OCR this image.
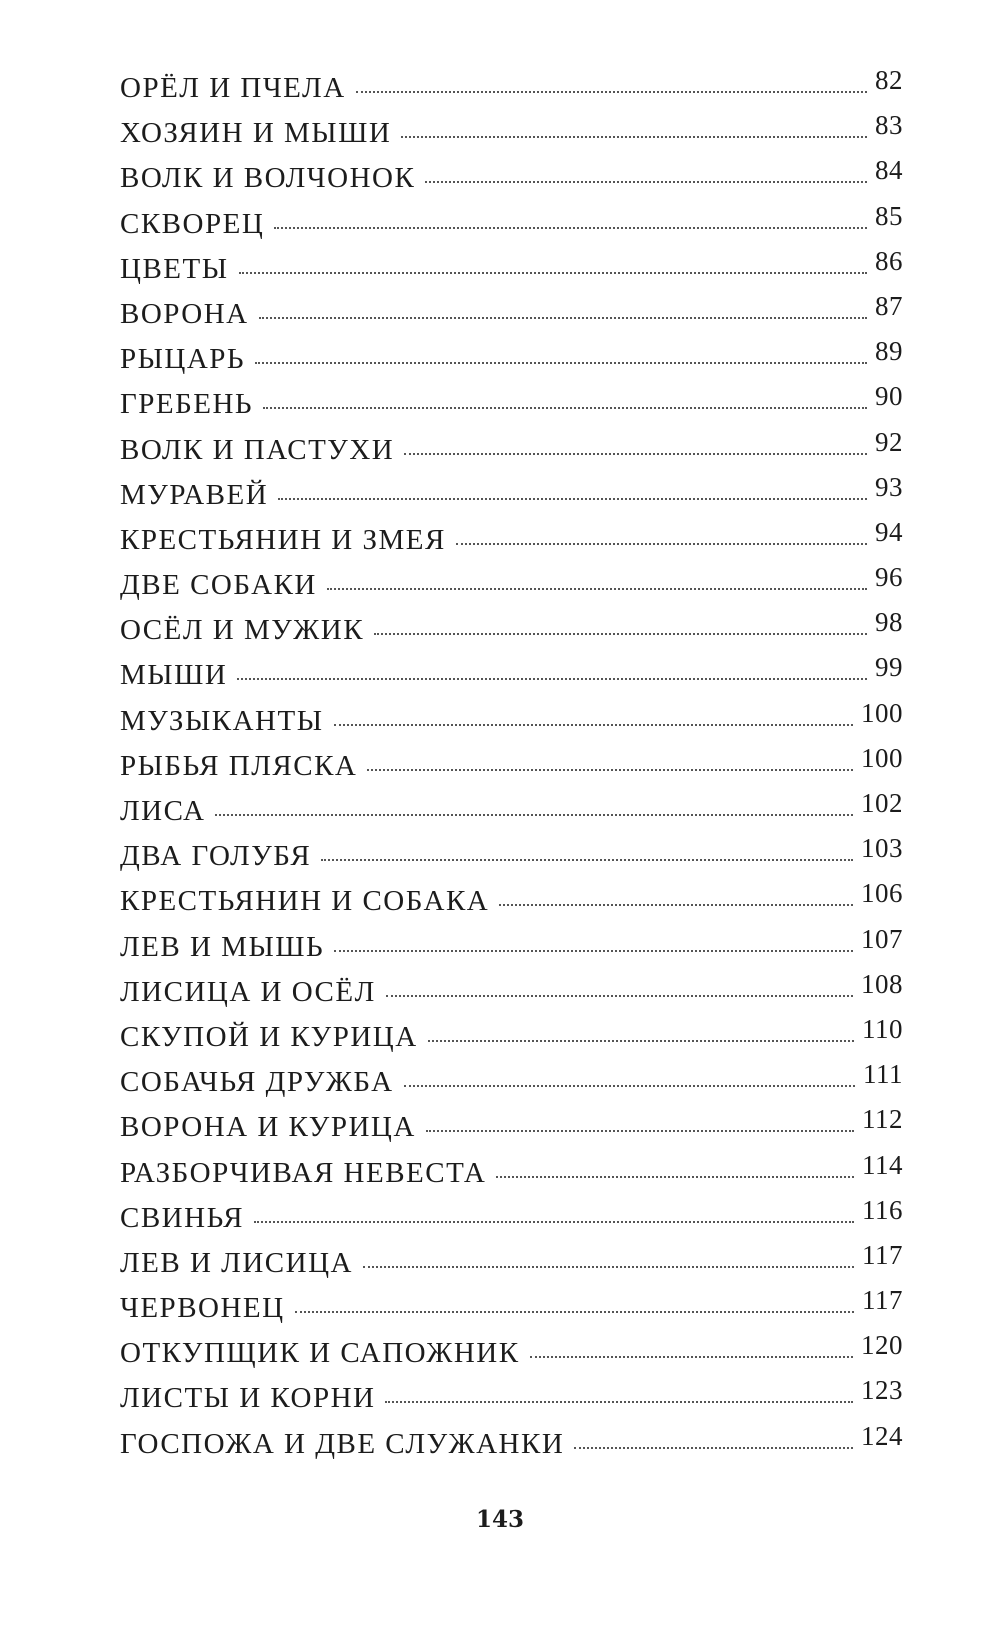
ОРЁЛ И ПЧЕЛА	82
ХОЗЯИН И МЫШИ	83
ВОЛК И ВОЛЧОНОК	84
СКВОРЕЦ	85
ЦВЕТЫ	86
ВОРОНА	87
РЫЦАРЬ	89
ГРЕБЕНЬ	90
ВОЛК И ПАСТУХИ	92
МУРАВЕЙ	93
КРЕСТЬЯНИН И ЗМЕЯ	94
ДВЕ СОБАКИ	96
ОСЁЛ И МУЖИК	98
МЫШИ	99
МУЗЫКАНТЫ	100
РЫБЬЯ ПЛЯСКА	100
ЛИСА	102
ДВА ГОЛУБЯ	103
КРЕСТЬЯНИН И СОБАКА	106
ЛЕВ И МЫШЬ	107
ЛИСИЦА И ОСЁЛ	108
СКУПОЙ И КУРИЦА	110
СОБАЧЬЯ ДРУЖБА	111
ВОРОНА И КУРИЦА	112
РАЗБОРЧИВАЯ НЕВЕСТА	114
СВИНЬЯ	116
ЛЕВ И ЛИСИЦА	117
ЧЕРВОНЕЦ	117
ОТКУПЩИК И САПОЖНИК	120
ЛИСТЫ И КОРНИ	123
ГОСПОЖА И ДВЕ СЛУЖАНКИ	124
143
